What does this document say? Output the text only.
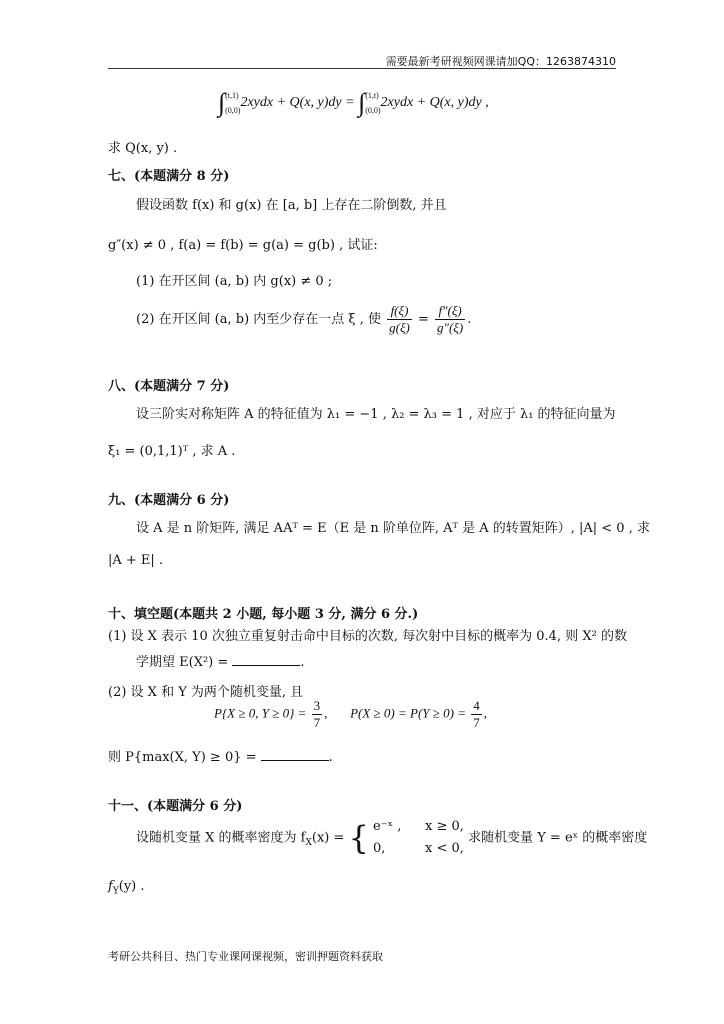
需要最新考研视频网课请加QQ：1263874310
∫ (t,1)
(0,0)
2xydx + Q(x, y)dy = ∫ (1,t)
(0,0)
2xydx + Q(x, y)dy ,
求 Q(x, y) .
七、(本题满分 8 分)
假设函数 f(x) 和 g(x) 在 [a, b] 上存在二阶倒数, 并且
g″(x) ≠ 0 , f(a) = f(b) = g(a) = g(b) , 试证:
(1) 在开区间 (a, b) 内 g(x) ≠ 0 ;
(2) 在开区间 (a, b) 内至少存在一点 ξ , 使 $\frac{f(\xi)}{g(\xi)} = \frac{f''(\xi)}{g''(\xi)}$ .
八、(本题满分 7 分)
设三阶实对称矩阵 A 的特征值为 λ₁ = −1 , λ₂ = λ₃ = 1 , 对应于 λ₁ 的特征向量为
ξ₁ = (0,1,1)ᵀ , 求 A .
九、(本题满分 6 分)
设 A 是 n 阶矩阵, 满足 AAᵀ = E（E 是 n 阶单位阵, Aᵀ 是 A 的转置矩阵）, |A| < 0 , 求
|A + E| .
十、填空题(本题共 2 小题, 每小题 3 分, 满分 6 分.)
(1) 设 X 表示 10 次独立重复射击命中目标的次数, 每次射中目标的概率为 0.4, 则 X² 的数
学期望 E(X²) =	.
(2) 设 X 和 Y 为两个随机变量, 且
P{X ≥ 0, $Y \ge 0\} = \frac{3}{7}$ , $P(X \ge 0) = P(Y \ge 0) = \frac{4}{7}$ ,
则 P{max(X, Y) ≥ 0} =	.
十一、(本题满分 6 分)
设随机变量 X 的概率密度为 $f_X(x)$ = { e⁻ˣ , x ≥ 0,
0,	x < 0,
求随机变量 Y = eˣ 的概率密度
$f_Y(y)$ .
考研公共科目、热门专业课网课视频，密训押题资料获取
